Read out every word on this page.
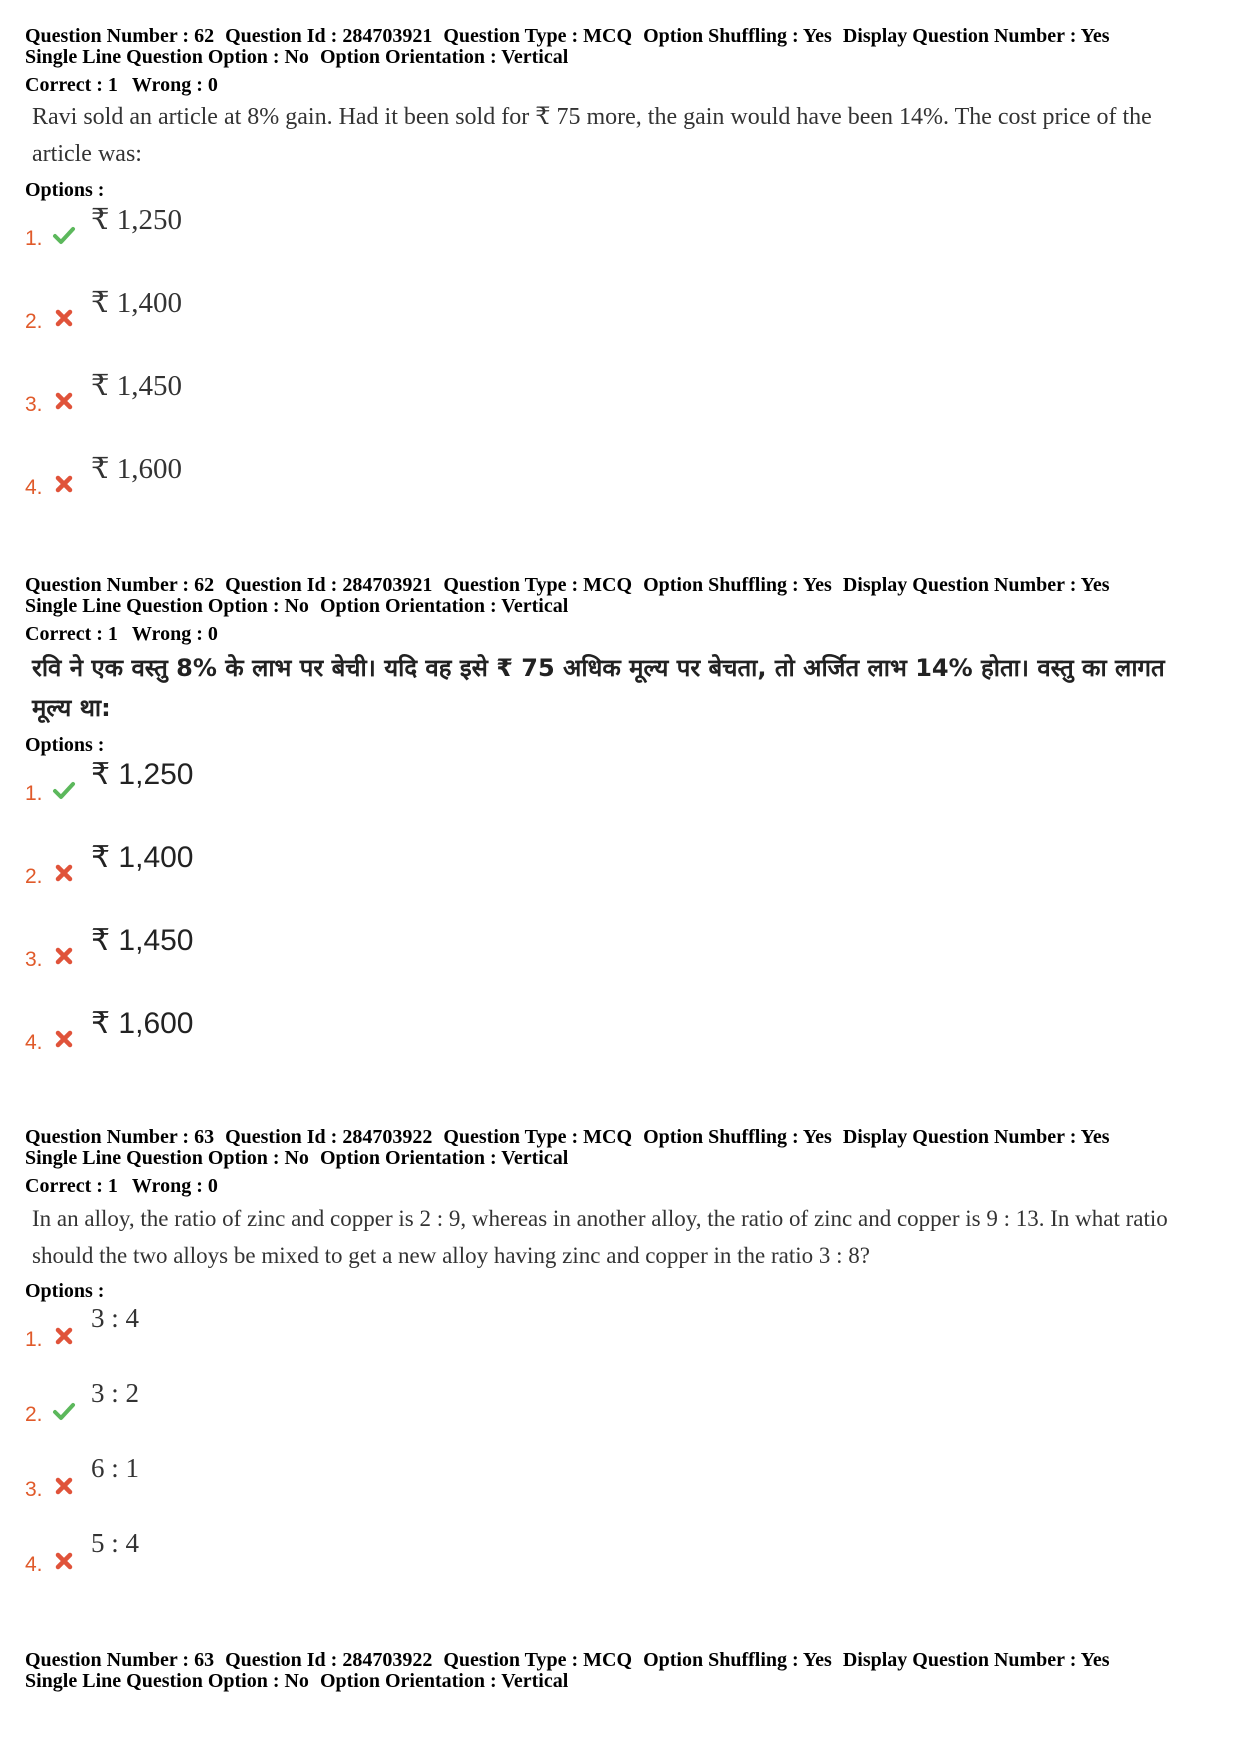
Question Number : 62 Question Id : 284703921 Question Type : MCQ Option Shuffling : Yes Display Question Number : Yes
Single Line Question Option : No Option Orientation : Vertical
Correct : 1 Wrong : 0
Ravi sold an article at 8% gain. Had it been sold for ₹ 75 more, the gain would have been 14%. The cost price of the article was:
Options :
1.
₹ 1,250
2.
₹ 1,400
3.
₹ 1,450
4.
₹ 1,600
Question Number : 62 Question Id : 284703921 Question Type : MCQ Option Shuffling : Yes Display Question Number : Yes
Single Line Question Option : No Option Orientation : Vertical
Correct : 1 Wrong : 0
रवि ने एक वस्तु 8% के लाभ पर बेची। यदि वह इसे ₹ 75 अधिक मूल्य पर बेचता, तो अर्जित लाभ 14% होता। वस्तु का लागत मूल्य था:
Options :
1.
₹ 1,250
2.
₹ 1,400
3.
₹ 1,450
4.
₹ 1,600
Question Number : 63 Question Id : 284703922 Question Type : MCQ Option Shuffling : Yes Display Question Number : Yes
Single Line Question Option : No Option Orientation : Vertical
Correct : 1 Wrong : 0
In an alloy, the ratio of zinc and copper is 2 : 9, whereas in another alloy, the ratio of zinc and copper is 9 : 13. In what ratio should the two alloys be mixed to get a new alloy having zinc and copper in the ratio 3 : 8?
Options :
1.
3 : 4
2.
3 : 2
3.
6 : 1
4.
5 : 4
Question Number : 63 Question Id : 284703922 Question Type : MCQ Option Shuffling : Yes Display Question Number : Yes
Single Line Question Option : No Option Orientation : Vertical
